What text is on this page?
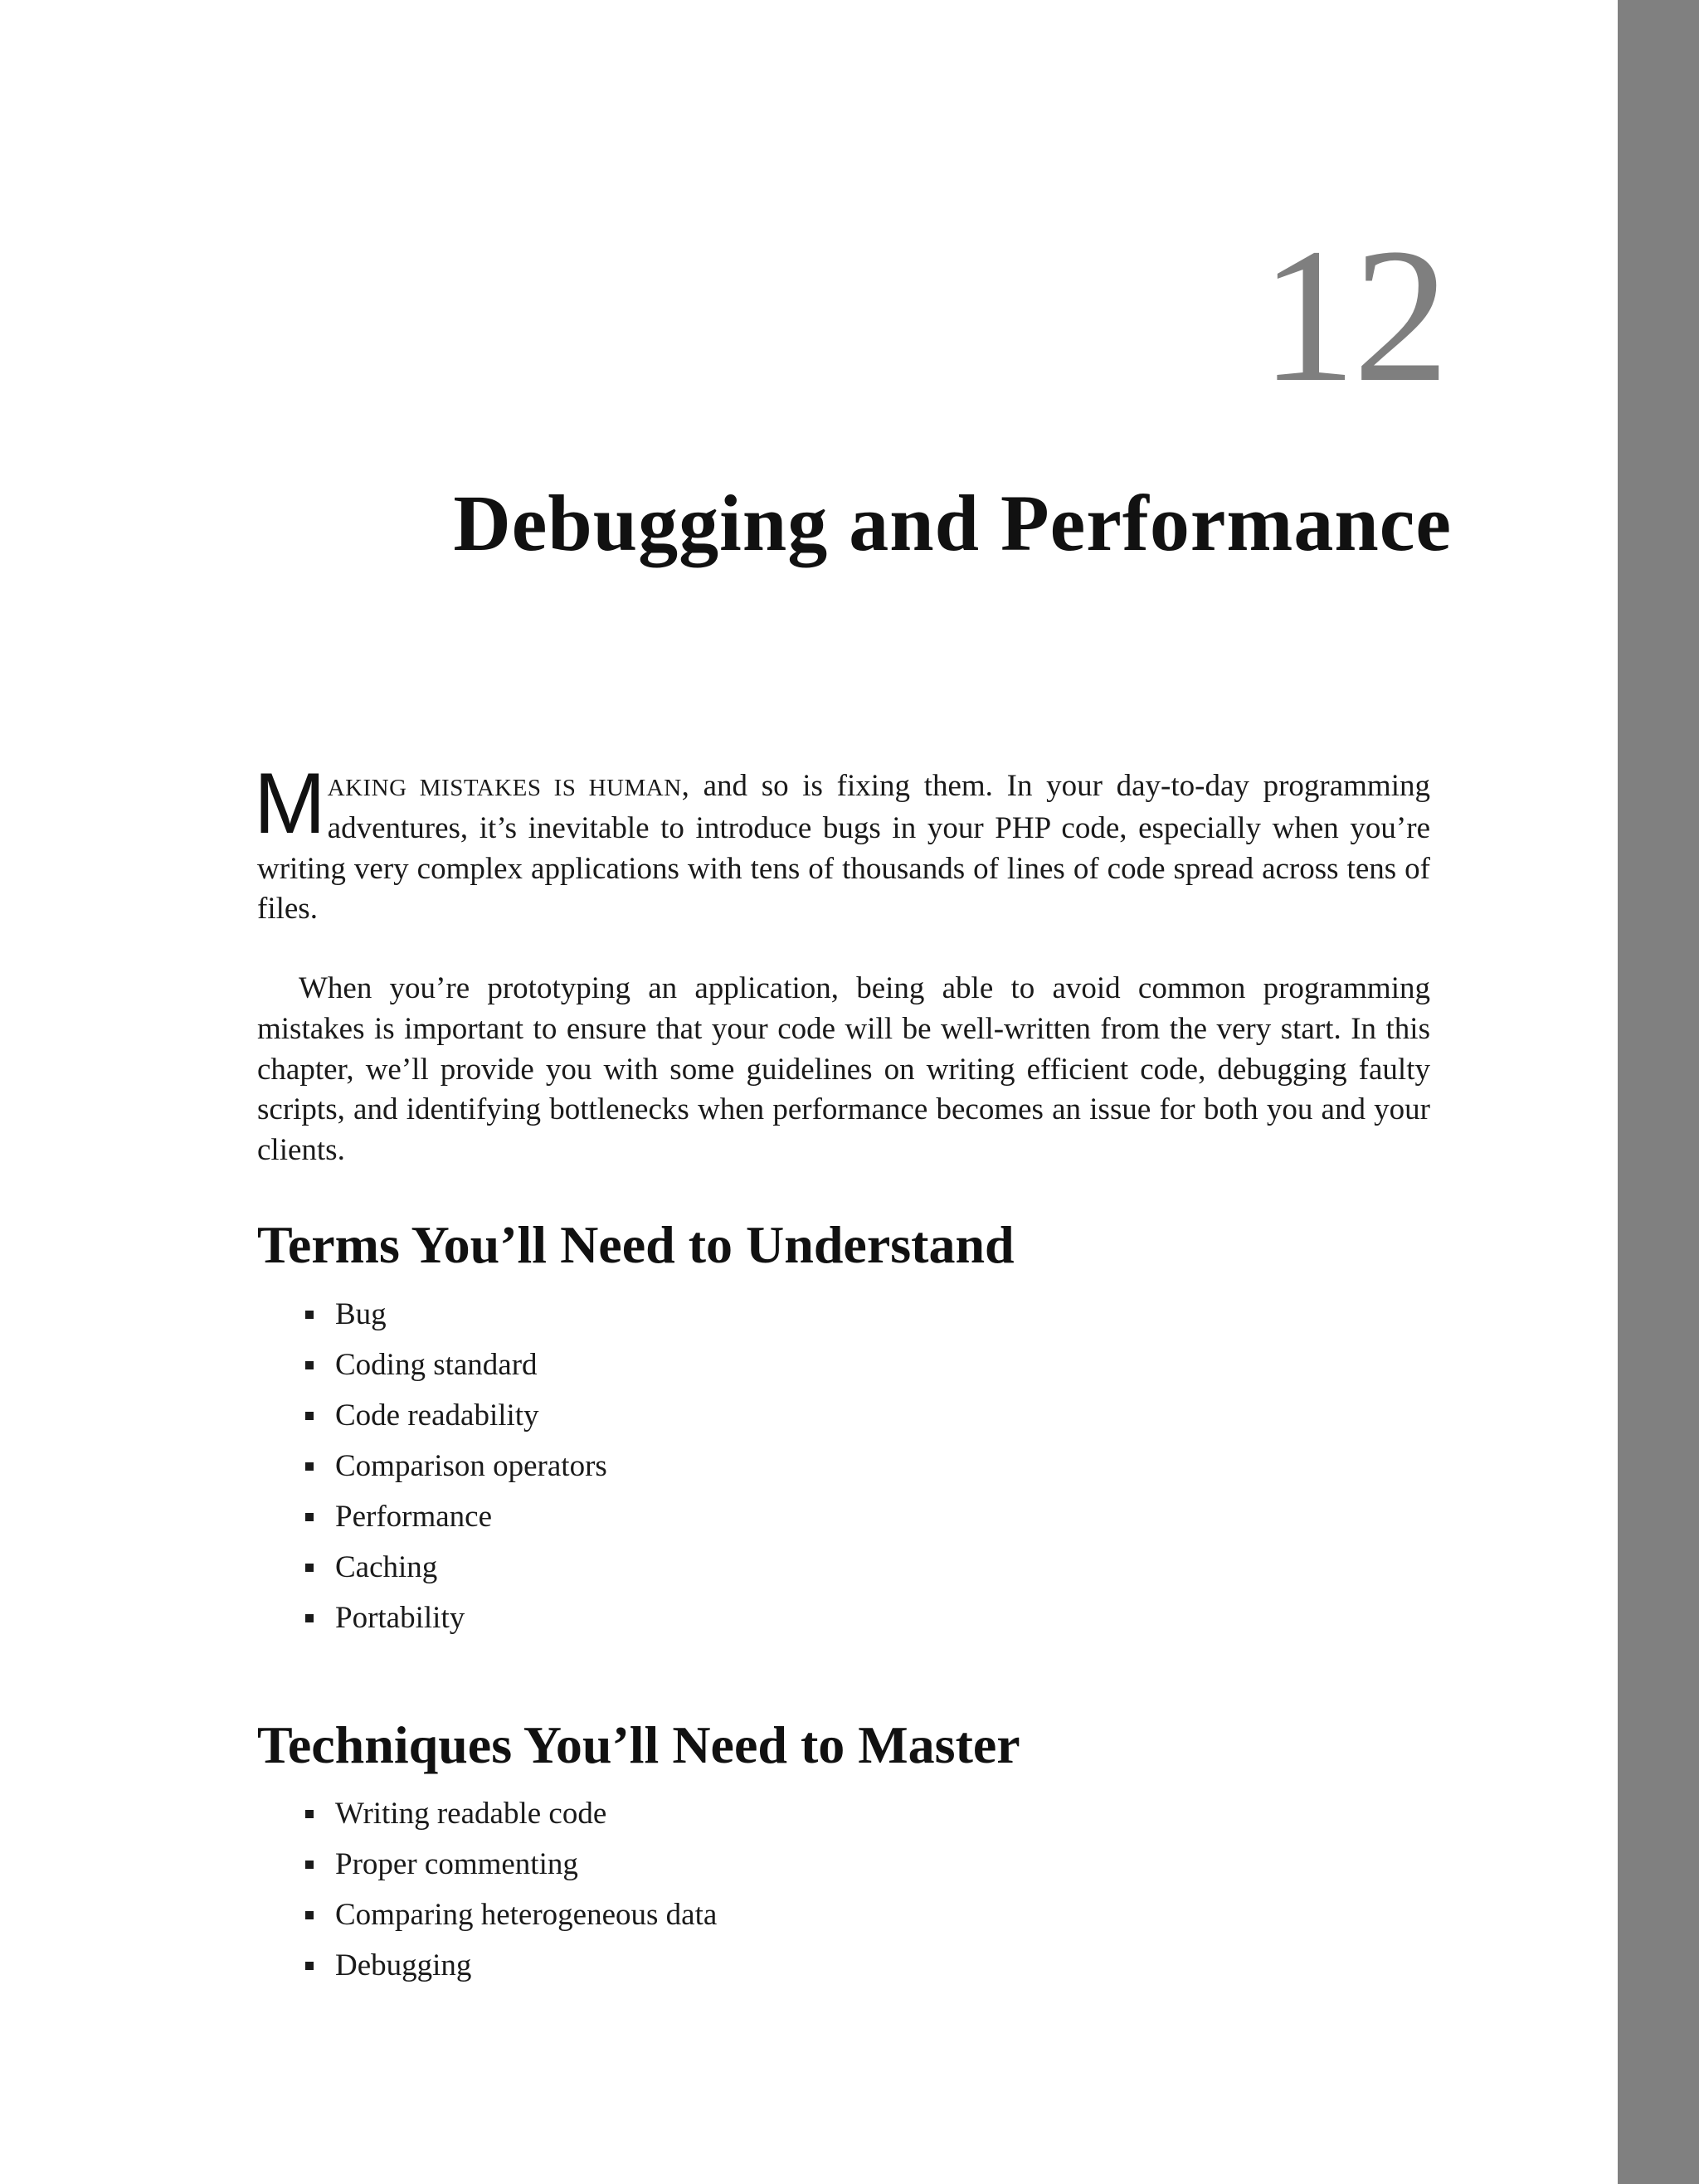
12
Debugging and Performance

M AKING MISTAKES IS HUMAN, and so is fixing them. In your day-to-day programming adventures, it’s inevitable to introduce bugs in your PHP code, especially when you’re writing very complex applications with tens of thousands of lines of code spread across tens of files.

When you’re prototyping an application, being able to avoid common programming mistakes is important to ensure that your code will be well-written from the very start. In this chapter, we’ll provide you with some guidelines on writing efficient code, debugging faulty scripts, and identifying bottlenecks when performance becomes an issue for both you and your clients.

Terms You’ll Need to Understand
Bug
Coding standard
Code readability
Comparison operators
Performance
Caching
Portability
Techniques You’ll Need to Master
Writing readable code
Proper commenting
Comparing heterogeneous data
Debugging
